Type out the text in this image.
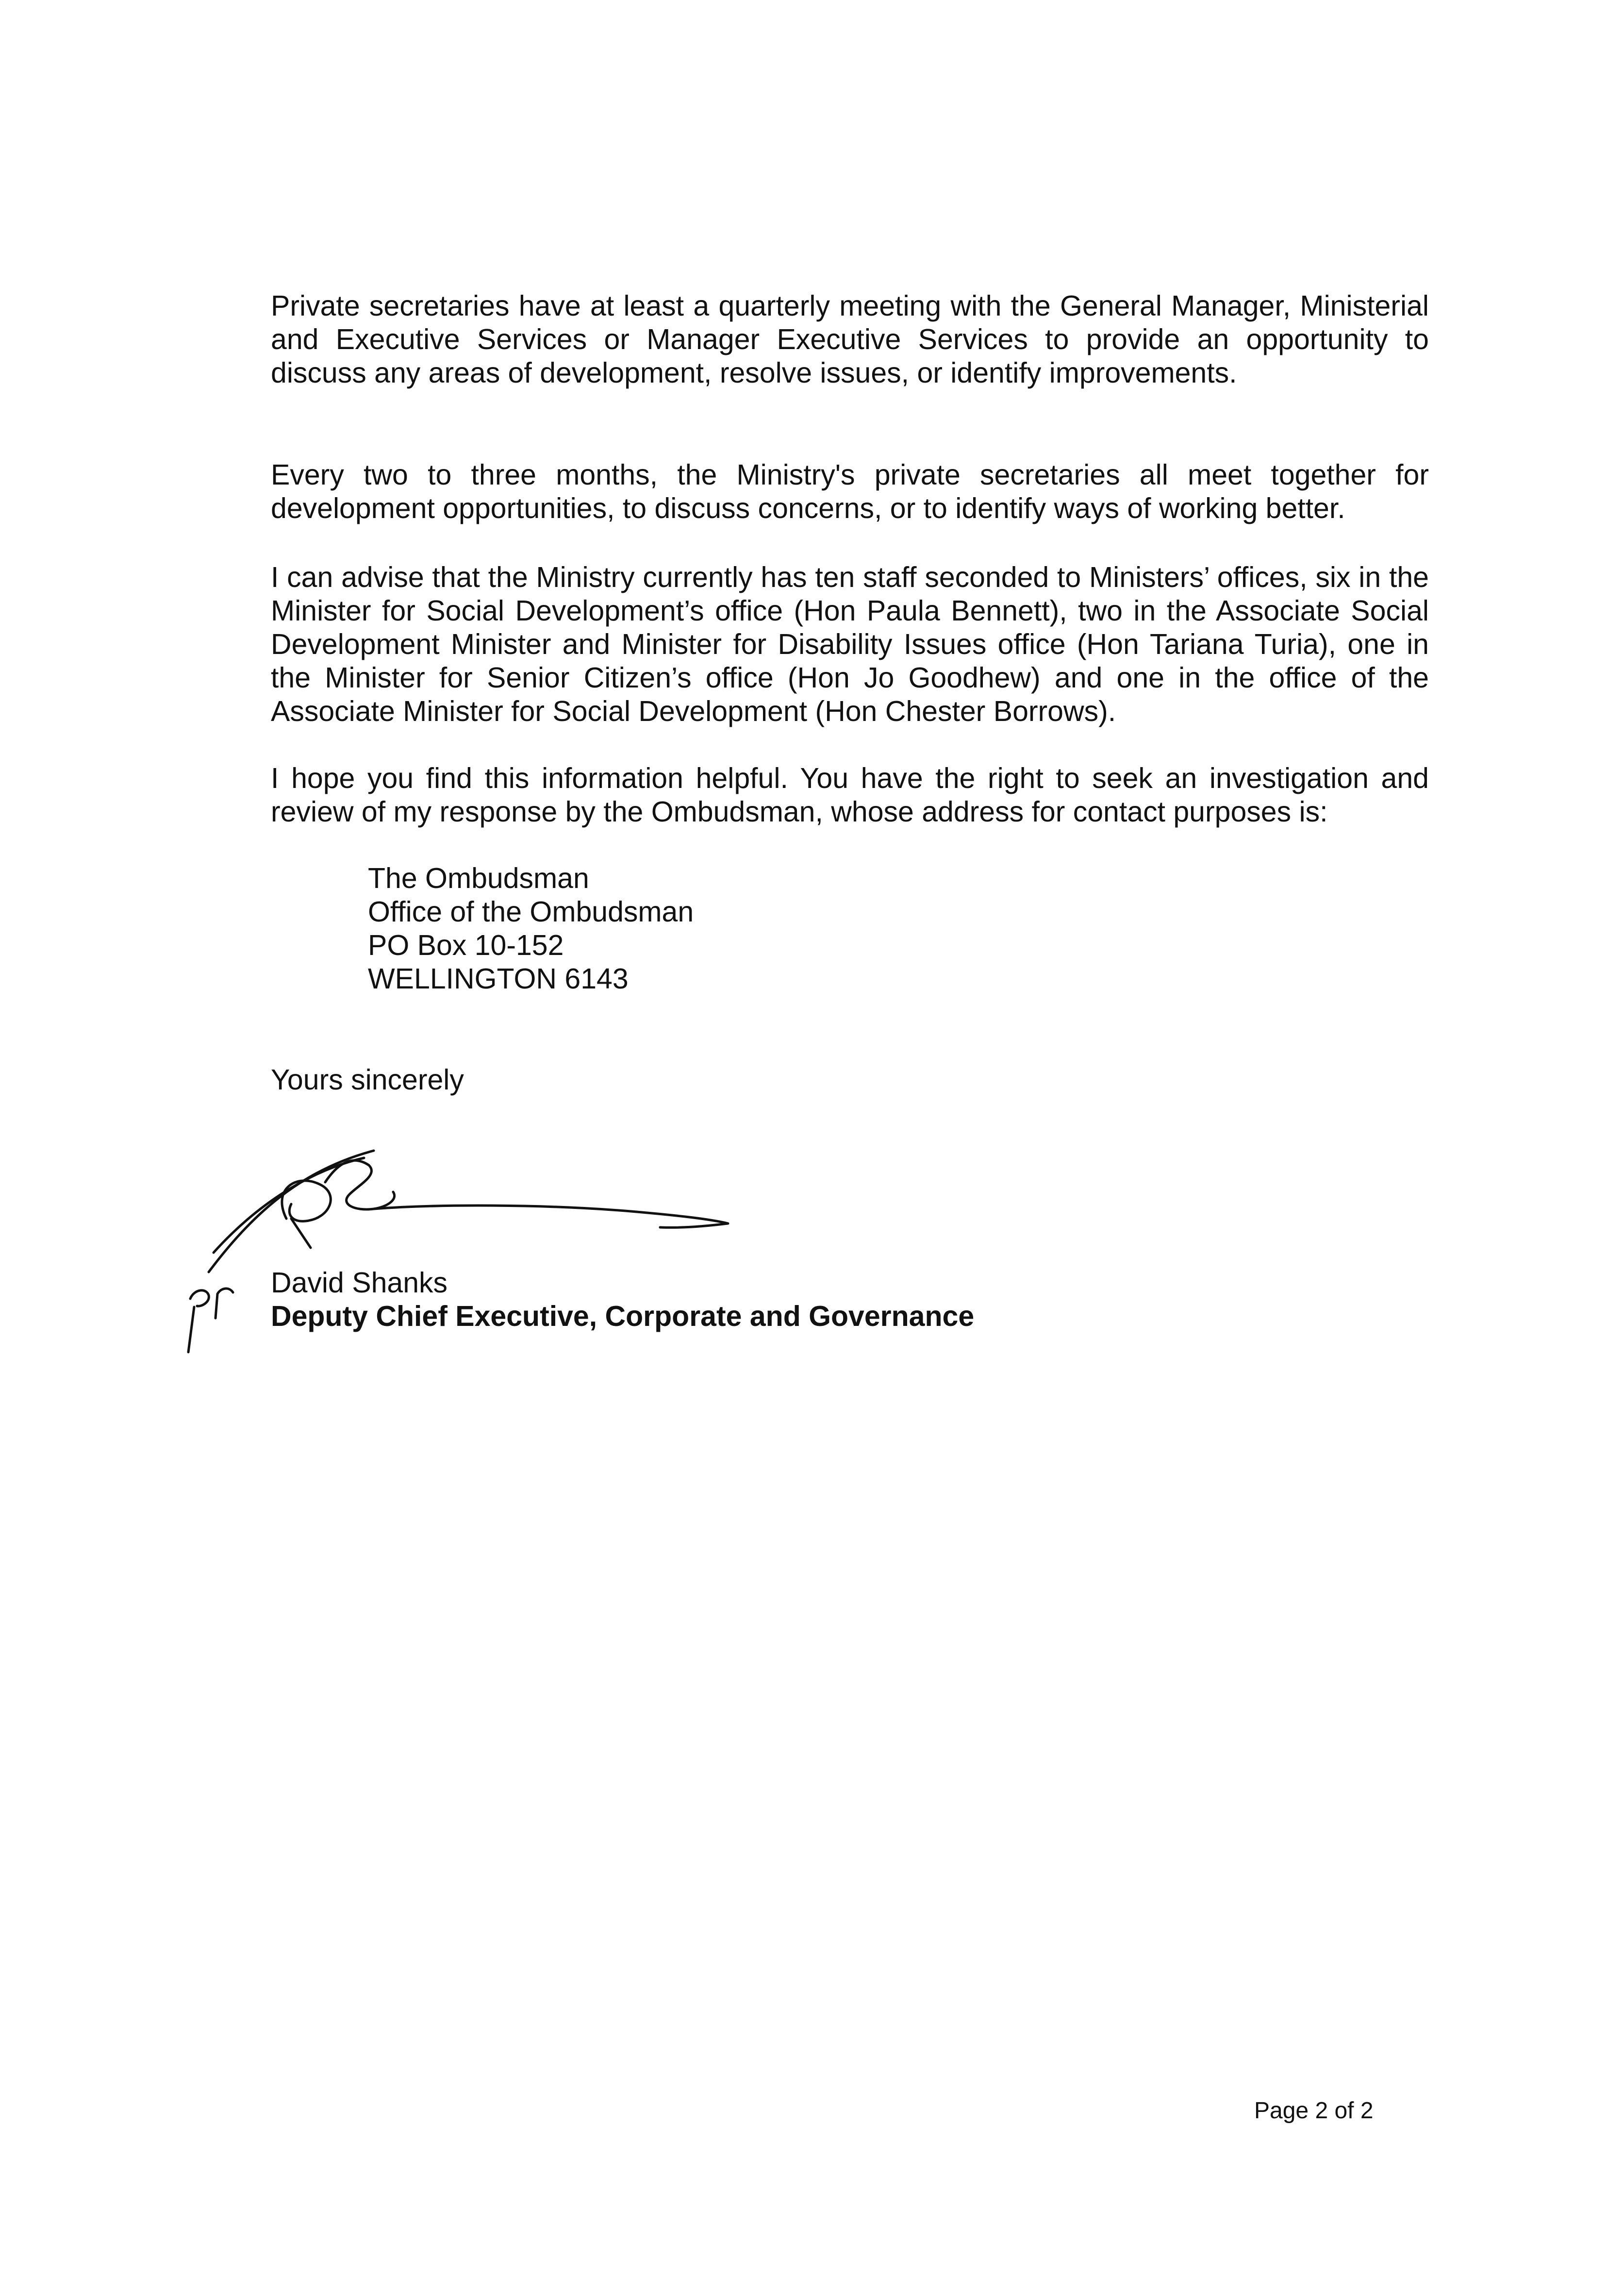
Private secretaries have at least a quarterly meeting with the General Manager, Ministerial and Executive Services or Manager Executive Services to provide an opportunity to discuss any areas of development, resolve issues, or identify improvements.

Every two to three months, the Ministry's private secretaries all meet together for development opportunities, to discuss concerns, or to identify ways of working better.

I can advise that the Ministry currently has ten staff seconded to Ministers’ offices, six in the Minister for Social Development’s office (Hon Paula Bennett), two in the Associate Social Development Minister and Minister for Disability Issues office (Hon Tariana Turia), one in the Minister for Senior Citizen’s office (Hon Jo Goodhew) and one in the office of the Associate Minister for Social Development (Hon Chester Borrows).

I hope you find this information helpful. You have the right to seek an investigation and review of my response by the Ombudsman, whose address for contact purposes is:

The Ombudsman
Office of the Ombudsman
PO Box 10-152
WELLINGTON 6143
Yours sincerely
David Shanks
Deputy Chief Executive, Corporate and Governance
Page 2 of 2
